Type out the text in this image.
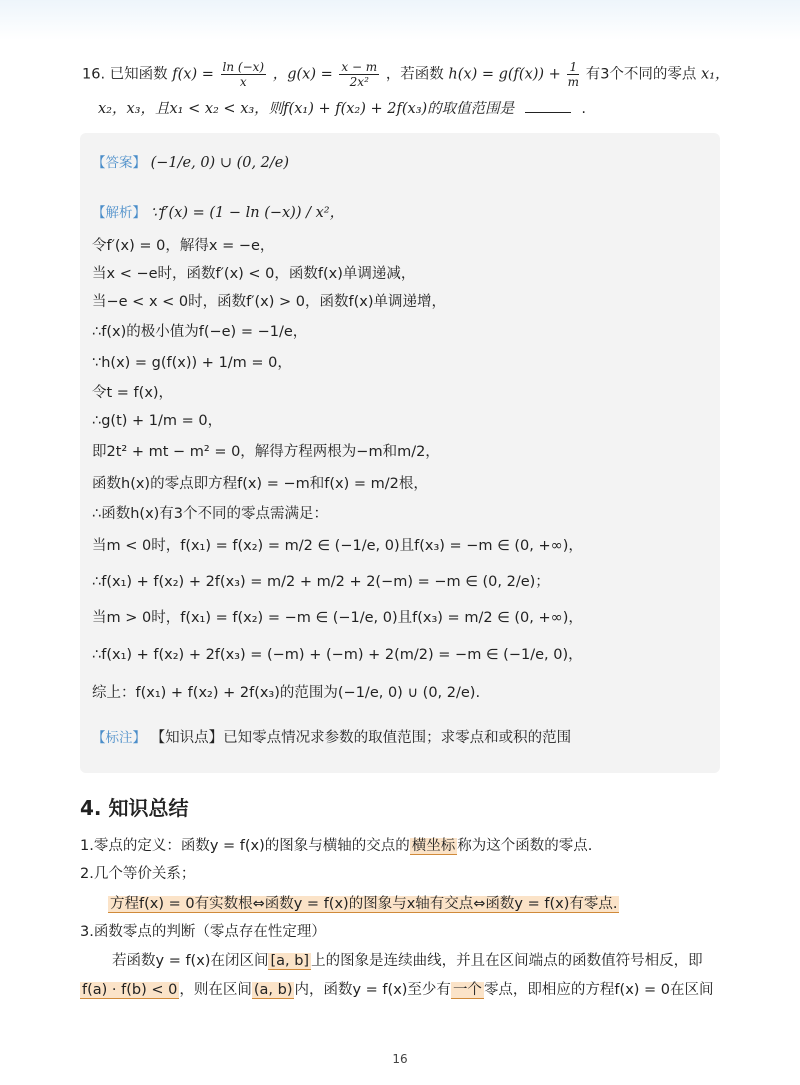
16. 已知函数 $f(x) = \frac{\ln (-x)}{x}$ ，$g(x) = \frac{x - m}{\text{2x²}}$ ，若函数 $h(x) = g(f(x)) + \frac{1}{m}$ 有3个不同的零点 x₁，
x₂，x₃，且x₁ < x₂ < x₃，则f(x₁) + f(x₂) + 2f(x₃)的取值范围是	.
【答案】 (−1/e, 0) ∪ (0, 2/e)
【解析】 ∵f′(x) = (1 − ln (−x)) / x²，
令f′(x) = 0，解得x = −e，
当x < −e时，函数f′(x) < 0，函数f(x)单调递减，
当−e < x < 0时，函数f′(x) > 0，函数f(x)单调递增，
∴f(x)的极小值为f(−e) = −1/e，
∵h(x) = g(f(x)) + 1/m = 0，
令t = f(x)，
∴g(t) + 1/m = 0，
即2t² + mt − m² = 0，解得方程两根为−m和m/2，
函数h(x)的零点即方程f(x) = −m和f(x) = m/2根，
∴函数h(x)有3个不同的零点需满足：
当m < 0时，f(x₁) = f(x₂) = m/2 ∈ (−1/e, 0)且f(x₃) = −m ∈ (0, +∞)，
∴f(x₁) + f(x₂) + 2f(x₃) = m/2 + m/2 + 2(−m) = −m ∈ (0, 2/e)；
当m > 0时，f(x₁) = f(x₂) = −m ∈ (−1/e, 0)且f(x₃) = m/2 ∈ (0, +∞)，
∴f(x₁) + f(x₂) + 2f(x₃) = (−m) + (−m) + 2(m/2) = −m ∈ (−1/e, 0)，
综上：f(x₁) + f(x₂) + 2f(x₃)的范围为(−1/e, 0) ∪ (0, 2/e).
【标注】 【知识点】已知零点情况求参数的取值范围；求零点和或积的范围
4. 知识总结
1.零点的定义：函数y = f(x)的图象与横轴的交点的 横坐标 称为这个函数的零点.
2.几个等价关系；
方程f(x) = 0有实数根⇔函数y = f(x)的图象与x轴有交点⇔函数y = f(x)有零点.
3.函数零点的判断（零点存在性定理）
若函数y = f(x)在闭区间 [a, b] 上的图象是连续曲线，并且在区间端点的函数值符号相反，即
f(a) · f(b) < 0 ，则在区间 (a, b) 内，函数y = f(x)至少有 一个 零点，即相应的方程f(x) = 0在区间
16
